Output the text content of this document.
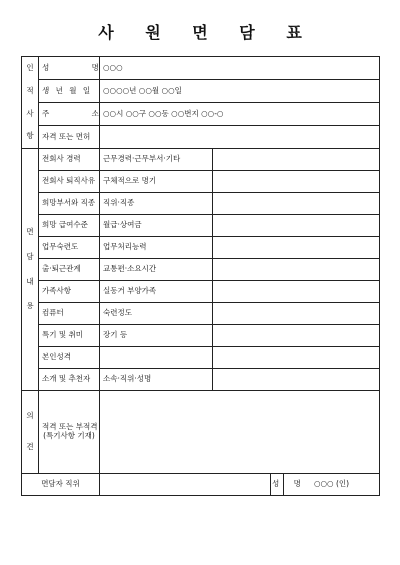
사 원 면 담 표
인
적
사
항	성 명	○○○			
	생 년 월 일	○○○○년 ○○월 ○○일			

	주 소	○○시 ○○구 ○○동 ○○번지 ○○-○			
	자격 또는 면허				

면
담
내
용	전회사 경력	근무경력·근무부서·기타			
	전회사 퇴직사유	구체적으로 명기			
	희망부서와 직종	직위·직종			
	희망 급여수준	월급·상여금			
	업무숙련도	업무처리능력			
	출·퇴근관계	교통편·소요시간			
	가족사항	실동거 부양가족			
	컴퓨터	숙련정도			
	특기 및 취미	장기 등			
	본인성격				
	소개 및 추천자	소속·직위·성명			

의
견	적격 또는 부적격
(특기사항 기재)				

면담자 직위				성 명	○○○ (인)
